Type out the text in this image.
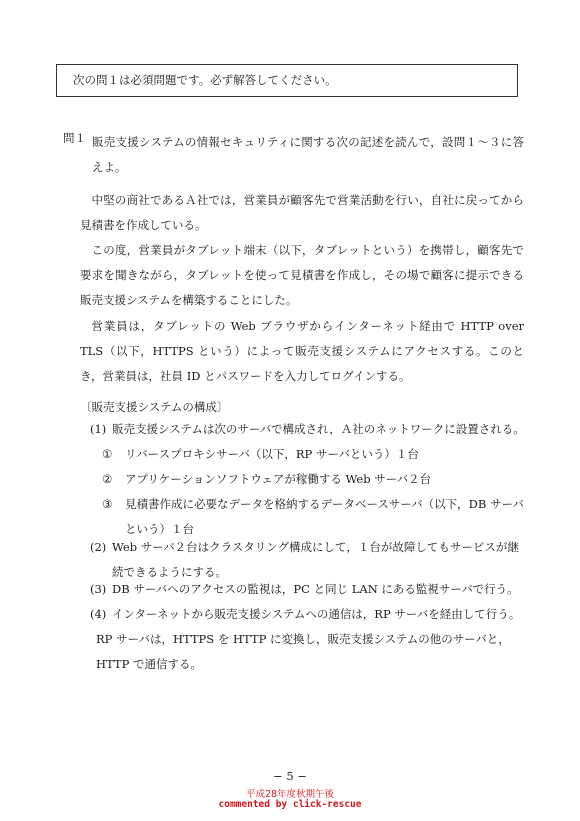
次の問１は必須問題です。必ず解答してください。
問１ 販売支援システムの情報セキュリティに関する次の記述を読んで，設問１〜３に答えよ。
中堅の商社であるＡ社では，営業員が顧客先で営業活動を行い，自社に戻ってから見積書を作成している。
この度，営業員がタブレット端末（以下，タブレットという）を携帯し，顧客先で要求を聞きながら，タブレットを使って見積書を作成し，その場で顧客に提示できる販売支援システムを構築することにした。
営業員は，タブレットの Web ブラウザからインターネット経由で HTTP over TLS（以下，HTTPS という）によって販売支援システムにアクセスする。このとき，営業員は，社員 ID とパスワードを入力してログインする。
〔販売支援システムの構成〕
(1) 販売支援システムは次のサーバで構成され，Ａ社のネットワークに設置される。
① リバースプロキシサーバ（以下，RP サーバという）１台
② アプリケーションソフトウェアが稼働する Web サーバ２台
③ 見積書作成に必要なデータを格納するデータベースサーバ（以下，DB サーバという）１台
(2) Web サーバ２台はクラスタリング構成にして，１台が故障してもサービスが継続できるようにする。
(3) DB サーバへのアクセスの監視は，PC と同じ LAN にある監視サーバで行う。
(4) インターネットから販売支援システムへの通信は，RP サーバを経由して行う。
RP サーバは，HTTPS を HTTP に変換し，販売支援システムの他のサーバと，HTTP で通信する。
− 5 −
平成28年度秋期午後
commented by click-rescue
